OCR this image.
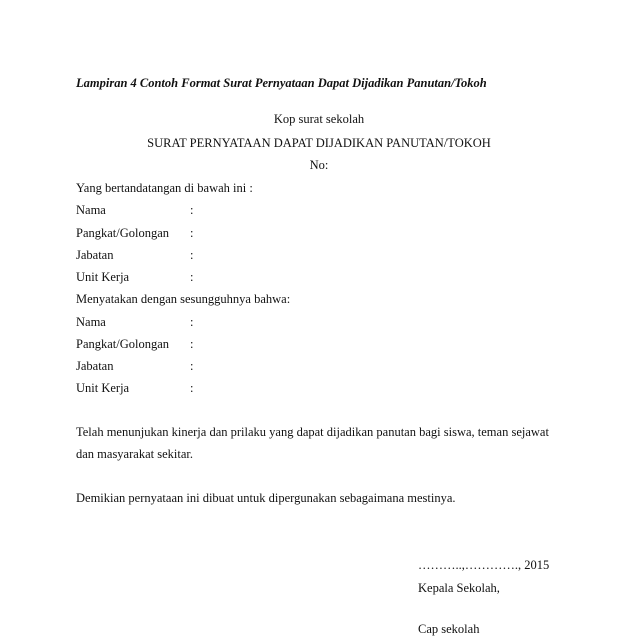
Lampiran 4 Contoh Format Surat Pernyataan Dapat Dijadikan Panutan/Tokoh
Kop surat sekolah
SURAT PERNYATAAN DAPAT DIJADIKAN PANUTAN/TOKOH
No:
Yang bertandatangan di bawah ini :
Nama	:
Pangkat/Golongan :
Jabatan	:
Unit Kerja	:
Menyatakan dengan sesungguhnya bahwa:
Nama	:
Pangkat/Golongan :
Jabatan	:
Unit Kerja	:
Telah menunjukan kinerja dan prilaku yang dapat dijadikan panutan bagi siswa, teman sejawat
dan masyarakat sekitar.
Demikian pernyataan ini dibuat untuk dipergunakan sebagaimana mestinya.
………..,…………., 2015
Kepala Sekolah,
Cap sekolah
